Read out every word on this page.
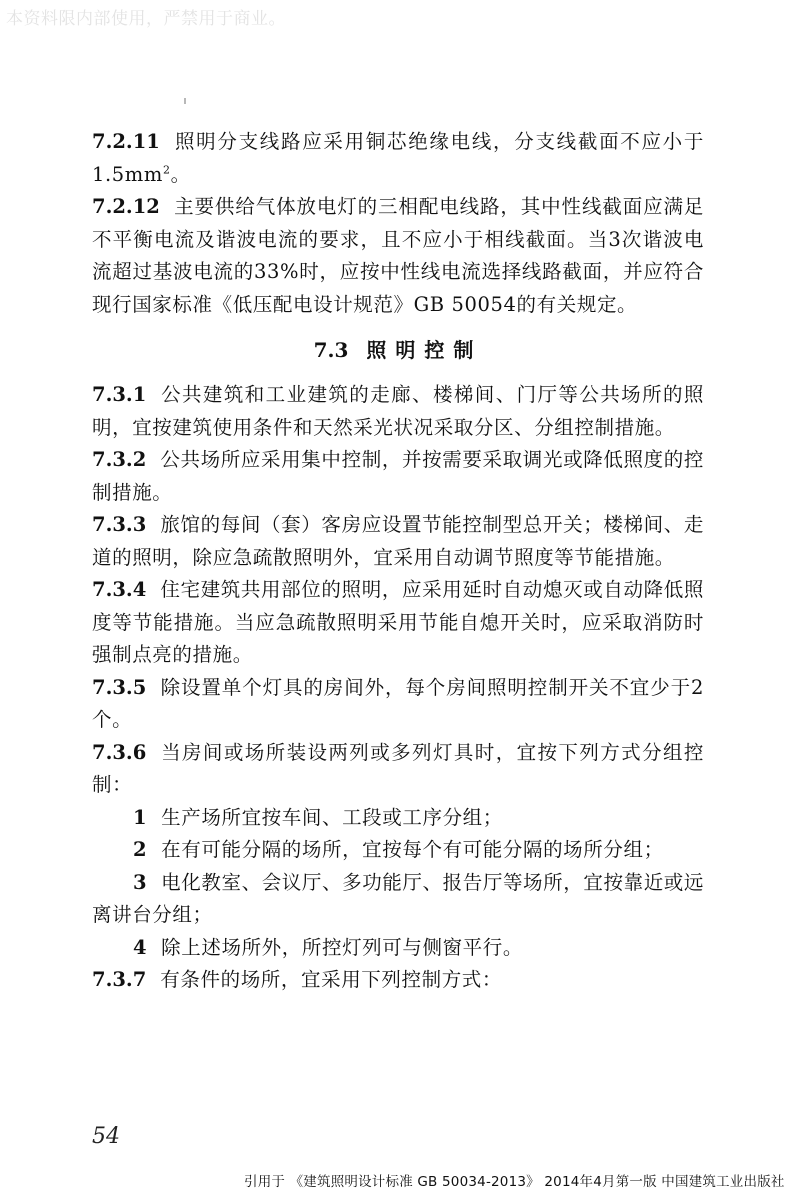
本资料限内部使用，严禁用于商业。

7.2.11 照明分支线路应采用铜芯绝缘电线，分支线截面不应小于$1.5mm^2$。

7.2.12 主要供给气体放电灯的三相配电线路，其中性线截面应满足不平衡电流及谐波电流的要求，且不应小于相线截面。当3次谐波电流超过基波电流的33%时，应按中性线电流选择线路截面，并应符合现行国家标准《低压配电设计规范》GB 50054的有关规定。

7.3 照明控制

7.3.1 公共建筑和工业建筑的走廊、楼梯间、门厅等公共场所的照明，宜按建筑使用条件和天然采光状况采取分区、分组控制措施。

7.3.2 公共场所应采用集中控制，并按需要采取调光或降低照度的控制措施。

7.3.3 旅馆的每间（套）客房应设置节能控制型总开关；楼梯间、走道的照明，除应急疏散照明外，宜采用自动调节照度等节能措施。

7.3.4 住宅建筑共用部位的照明，应采用延时自动熄灭或自动降低照度等节能措施。当应急疏散照明采用节能自熄开关时，应采取消防时强制点亮的措施。

7.3.5 除设置单个灯具的房间外，每个房间照明控制开关不宜少于2个。

7.3.6 当房间或场所装设两列或多列灯具时，宜按下列方式分组控制：

1 生产场所宜按车间、工段或工序分组；

2 在有可能分隔的场所，宜按每个有可能分隔的场所分组；

3 电化教室、会议厅、多功能厅、报告厅等场所，宜按靠近或远离讲台分组；

4 除上述场所外，所控灯列可与侧窗平行。

7.3.7 有条件的场所，宜采用下列控制方式：

54
引用于 《建筑照明设计标准 GB 50034-2013》 2014年4月第一版 中国建筑工业出版社
